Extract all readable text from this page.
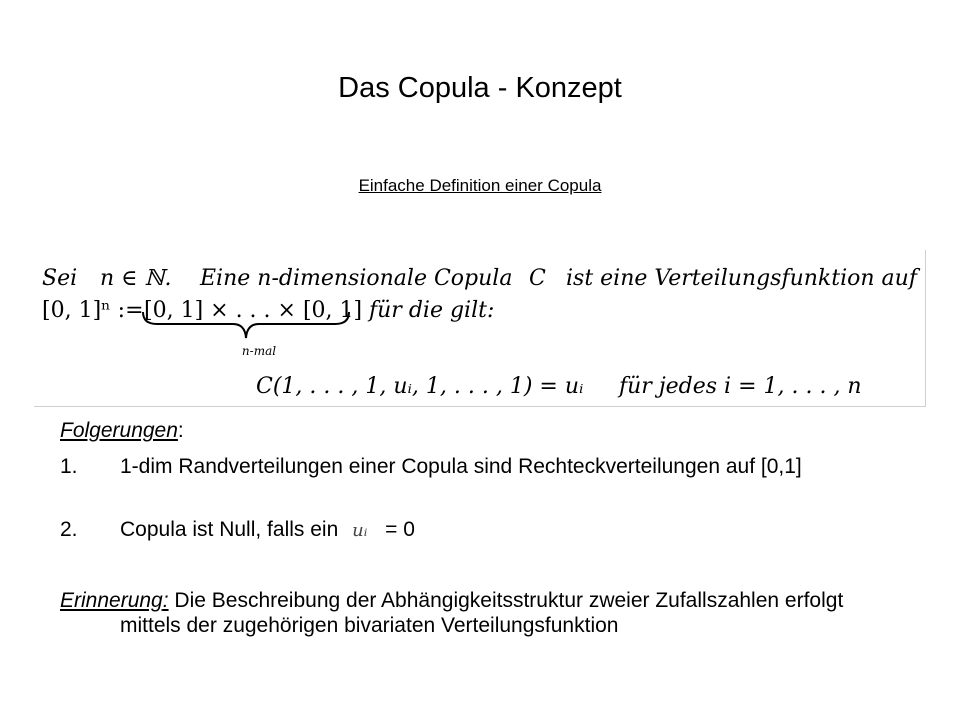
Das Copula - Konzept
Einfache Definition einer Copula
Sei n ∈ ℕ. Eine n-dimensionale Copula C ist eine Verteilungsfunktion auf
[0, 1]ⁿ := [0, 1] × . . . × [0, 1] für die gilt:
n-mal
C(1, . . . , 1, uᵢ, 1, . . . , 1) = uᵢ für jedes i = 1, . . . , n
Folgerungen:
1. 1-dim Randverteilungen einer Copula sind Rechteckverteilungen auf [0,1]
2. Copula ist Null, falls ein uᵢ = 0
Erinnerung: Die Beschreibung der Abhängigkeitsstruktur zweier Zufallszahlen erfolgt mittels der zugehörigen bivariaten Verteilungsfunktion
